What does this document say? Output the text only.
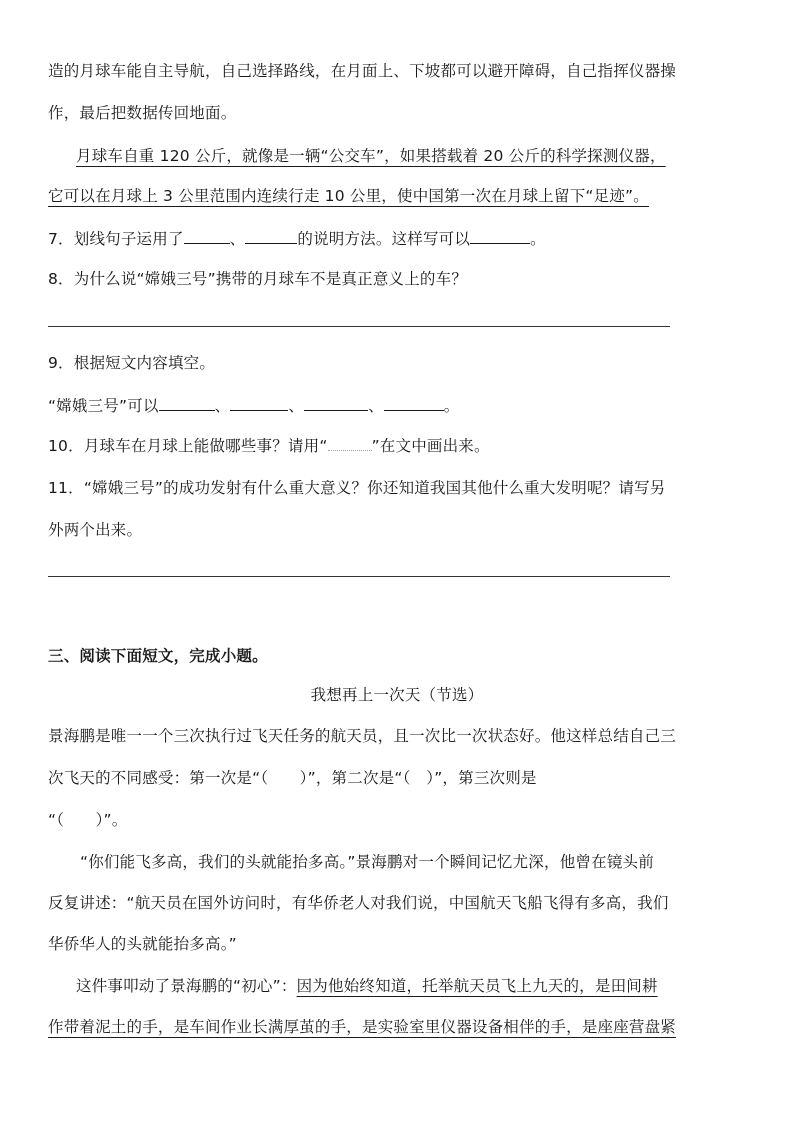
造的月球车能自主导航，自己选择路线，在月面上、下坡都可以避开障碍，自己指挥仪器操
作，最后把数据传回地面。
月球车自重 120 公斤，就像是一辆“公交车”，如果搭载着 20 公斤的科学探测仪器，
它可以在月球上 3 公里范围内连续行走 10 公里，使中国第一次在月球上留下“足迹”。
7．划线句子运用了	、	的说明方法。这样写可以	。
8．为什么说“嫦娥三号”携带的月球车不是真正意义上的车？
9．根据短文内容填空。
“嫦娥三号”可以	、	、	、	。
10．月球车在月球上能做哪些事？请用“	”在文中画出来。
11．“嫦娥三号”的成功发射有什么重大意义？你还知道我国其他什么重大发明呢？请写另
外两个出来。
三、阅读下面短文，完成小题。
我想再上一次天（节选）
景海鹏是唯一一个三次执行过飞天任务的航天员，且一次比一次状态好。他这样总结自己三
次飞天的不同感受：第一次是“（　　）”，第二次是“（　）”，第三次则是
“（　　）”。
“你们能飞多高，我们的头就能抬多高。”景海鹏对一个瞬间记忆尤深，他曾在镜头前
反复讲述：“航天员在国外访问时，有华侨老人对我们说，中国航天飞船飞得有多高，我们
华侨华人的头就能抬多高。”
这件事叩动了景海鹏的“初心”：因为他始终知道，托举航天员飞上九天的，是田间耕
作带着泥土的手，是车间作业长满厚茧的手，是实验室里仪器设备相伴的手，是座座营盘紧
